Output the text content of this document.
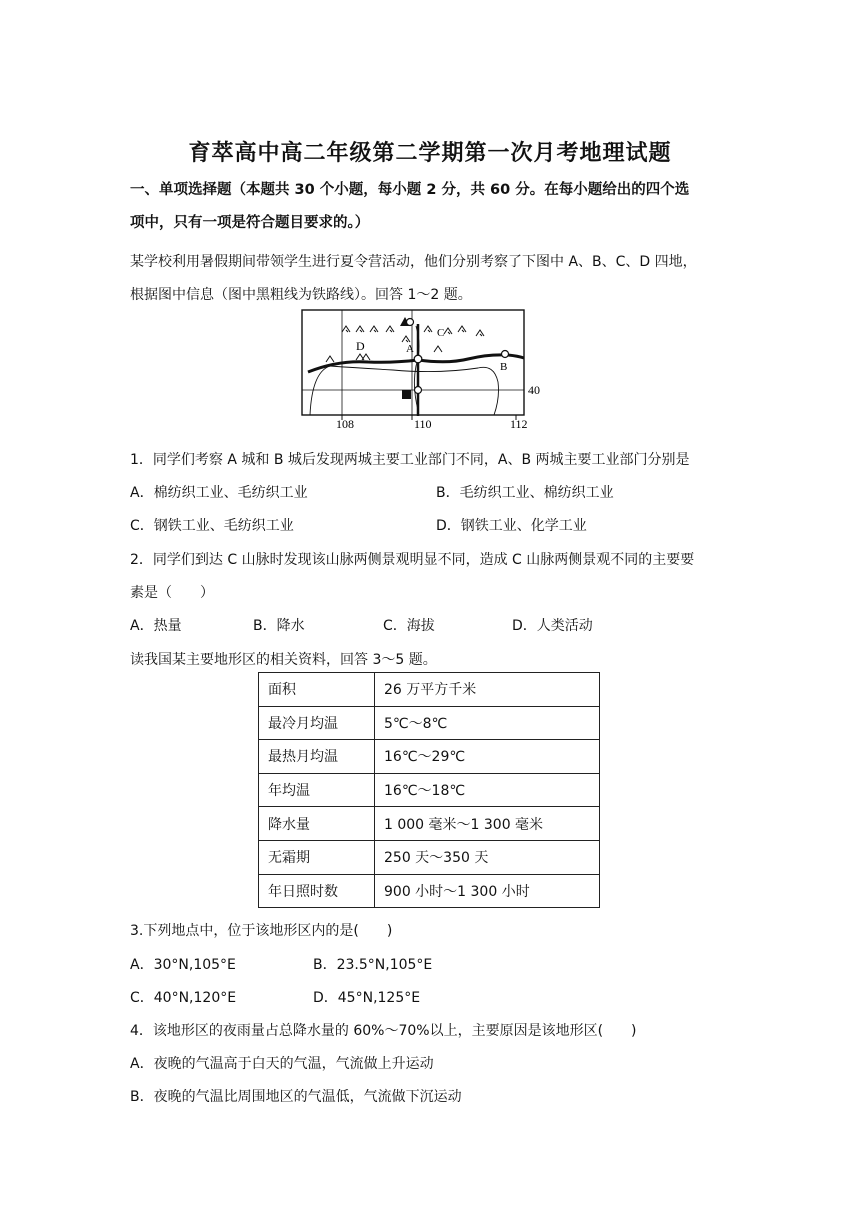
育萃高中高二年级第二学期第一次月考地理试题
一、单项选择题（本题共 30 个小题，每小题 2 分，共 60 分。在每小题给出的四个选
项中，只有一项是符合题目要求的。）
某学校利用暑假期间带领学生进行夏令营活动，他们分别考察了下图中 A、B、C、D 四地，
根据图中信息（图中黑粗线为铁路线）。回答 1～2 题。
D	A
C
B
108	110	112
40
1．同学们考察 A 城和 B 城后发现两城主要工业部门不同，A、B 两城主要工业部门分别是
A．棉纺织工业、毛纺织工业	B．毛纺织工业、棉纺织工业
C．钢铁工业、毛纺织工业	D．钢铁工业、化学工业
2．同学们到达 C 山脉时发现该山脉两侧景观明显不同，造成 C 山脉两侧景观不同的主要要
素是（　　）
A．热量	B．降水	C．海拔	D．人类活动
读我国某主要地形区的相关资料，回答 3～5 题。
面积	26 万平方千米
最冷月均温	5℃～8℃
最热月均温	16℃～29℃
年均温	16℃～18℃
降水量	1 000 毫米～1 300 毫米
无霜期	250 天～350 天
年日照时数	900 小时～1 300 小时
3.下列地点中，位于该地形区内的是(　　)
A．30°N,105°E	B．23.5°N,105°E
C．40°N,120°E	D．45°N,125°E
4．该地形区的夜雨量占总降水量的 60%～70%以上，主要原因是该地形区(　　)
A．夜晚的气温高于白天的气温，气流做上升运动
B．夜晚的气温比周围地区的气温低，气流做下沉运动
